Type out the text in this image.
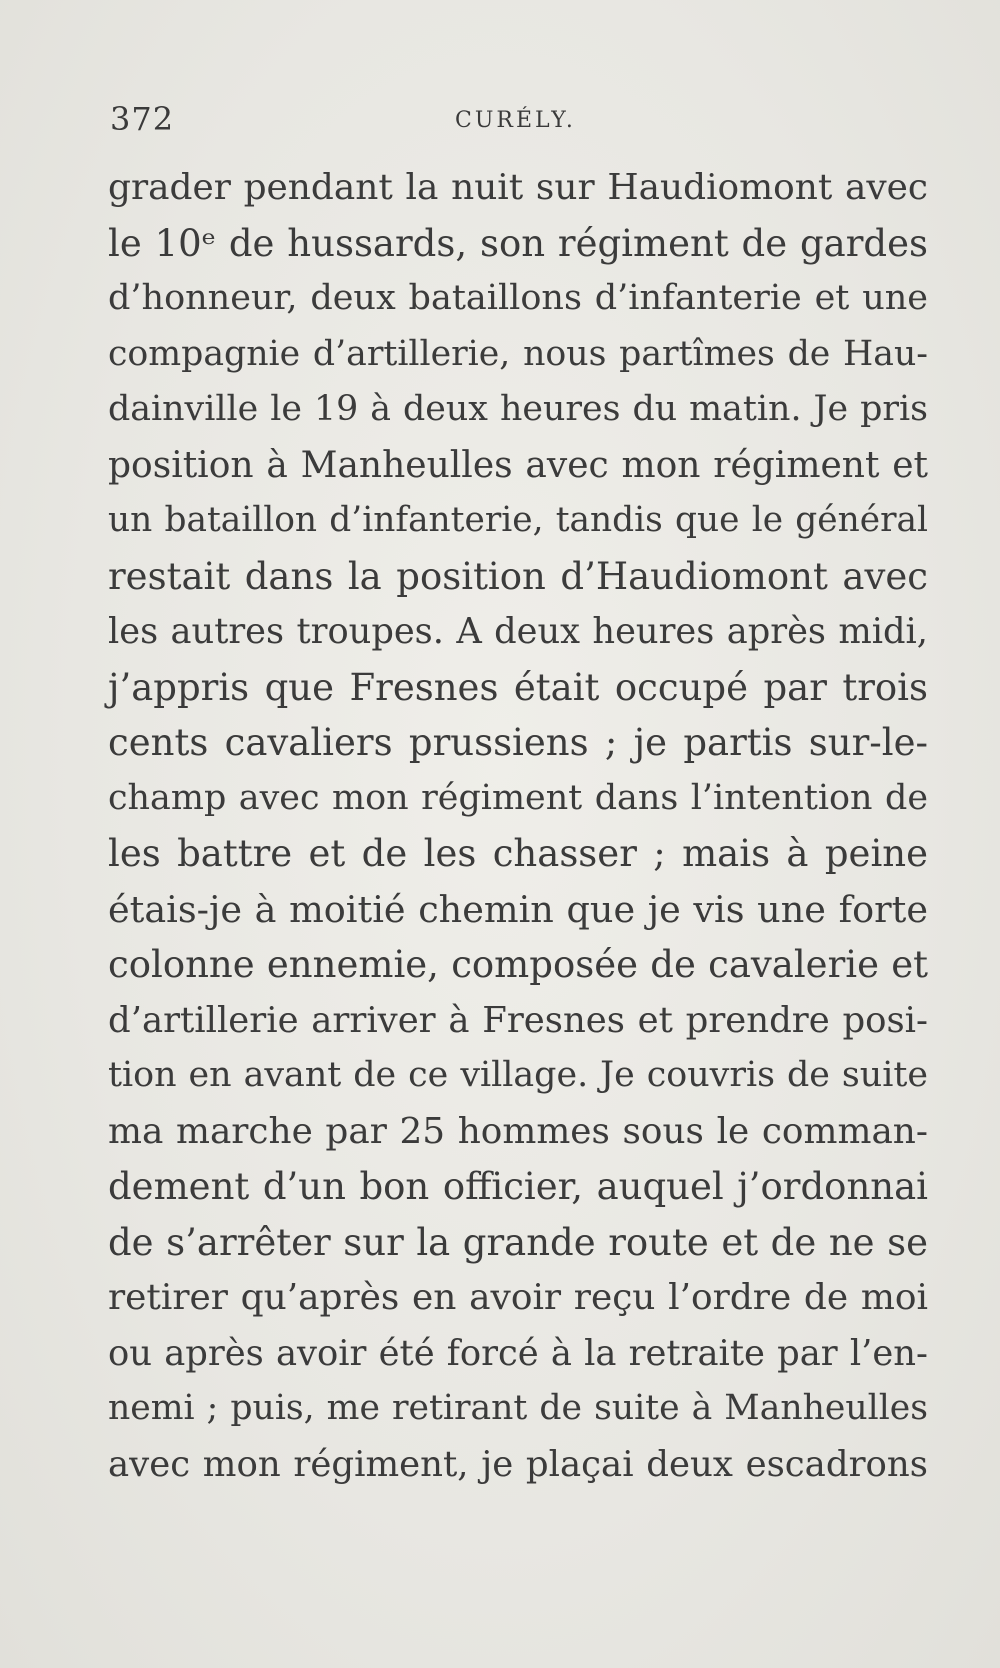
372	CURÉLY.
grader pendant la nuit sur Haudiomont avec
le 10ᵉ de hussards, son régiment de gardes
d’honneur, deux bataillons d’infanterie et une
compagnie d’artillerie, nous partîmes de Hau-
dainville le 19 à deux heures du matin. Je pris
position à Manheulles avec mon régiment et
un bataillon d’infanterie, tandis que le général
restait dans la position d’Haudiomont avec
les autres troupes. A deux heures après midi,
j’appris que Fresnes était occupé par trois
cents cavaliers prussiens ; je partis sur-le-
champ avec mon régiment dans l’intention de
les battre et de les chasser ; mais à peine
étais-je à moitié chemin que je vis une forte
colonne ennemie, composée de cavalerie et
d’artillerie arriver à Fresnes et prendre posi-
tion en avant de ce village. Je couvris de suite
ma marche par 25 hommes sous le comman-
dement d’un bon officier, auquel j’ordonnai
de s’arrêter sur la grande route et de ne se
retirer qu’après en avoir reçu l’ordre de moi
ou après avoir été forcé à la retraite par l’en-
nemi ; puis, me retirant de suite à Manheulles
avec mon régiment, je plaçai deux escadrons
